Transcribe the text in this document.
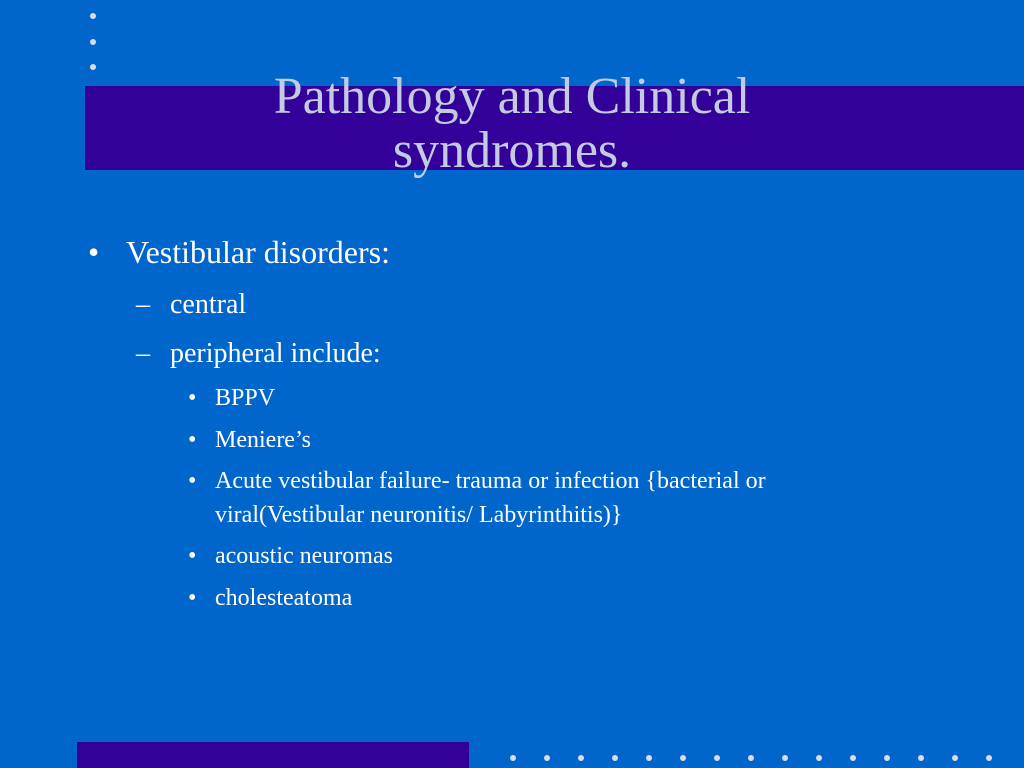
Pathology and Clinical
syndromes.
• Vestibular disorders:
– central
– peripheral include:
• BPPV
• Meniere’s
• Acute vestibular failure- trauma or infection {bacterial or viral(Vestibular neuronitis/ Labyrinthitis)}
• acoustic neuromas
• cholesteatoma
